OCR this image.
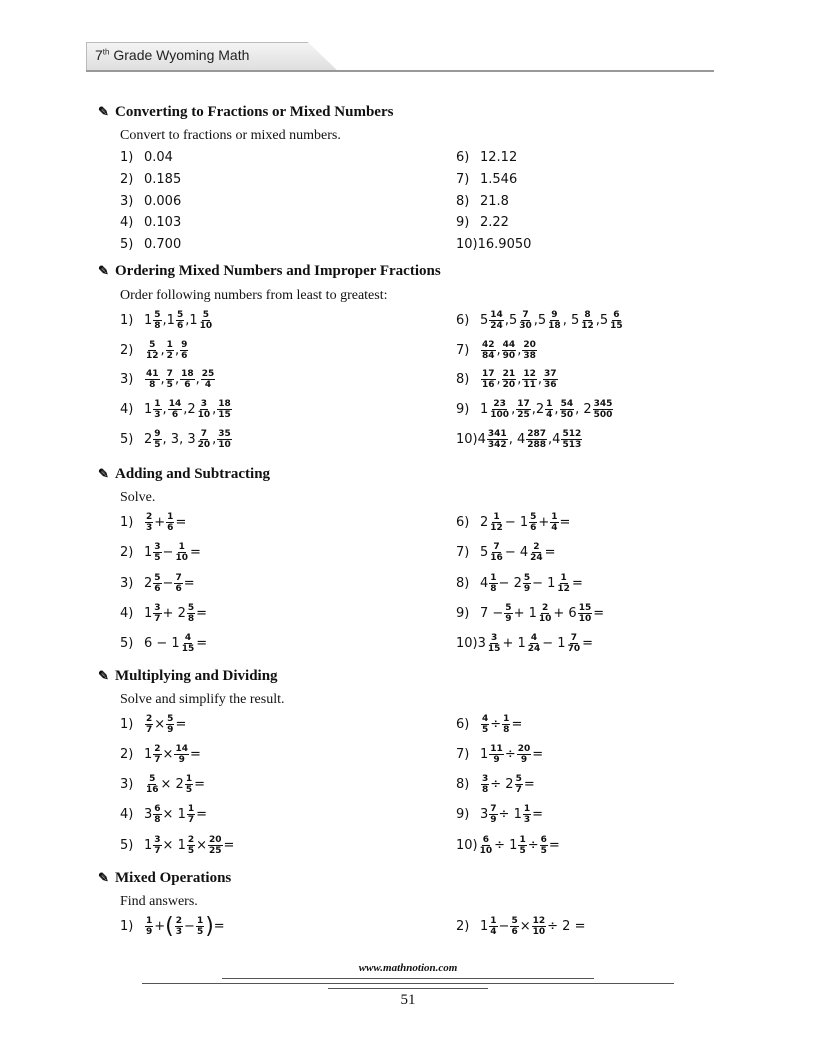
7th Grade Wyoming Math
✎ Converting to Fractions or Mixed Numbers
Convert to fractions or mixed numbers.
1) 0.04
2) 0.185
3) 0.006
4) 0.103
5) 0.700
6) 12.12
7) 1.546
8) 21.8
9) 2.22
10) 16.9050
✎ Ordering Mixed Numbers and Improper Fractions
Order following numbers from least to greatest:
1) $1 \frac{5}{8} ,1 \frac{5}{6} ,1 \frac{5}{10}$
2)	$\frac{5}{12}$ , $\frac{1}{2}$ , $\frac{9}{6}$
3)	$\frac{41}{8}$ , $\frac{7}{5}$ , $\frac{18}{6}$ , $\frac{25}{4}$
4) $1 \frac{1}{3}$ , $\frac{14}{6} ,2 \frac{3}{10}$ , $\frac{18}{15}$
5) $2 \frac{9}{5}$ , 3, $3 \frac{7}{20}$ , $\frac{35}{10}$
6) $5 \frac{14}{24} ,5 \frac{7}{30} ,5 \frac{9}{18}$ , $5 \frac{8}{12} ,5 \frac{6}{15}$
7)	$\frac{42}{84}$ , $\frac{44}{90}$ , $\frac{20}{38}$
8)	$\frac{17}{16}$ , $\frac{21}{20}$ , $\frac{12}{11}$ , $\frac{37}{36}$
9) $1 \frac{23}{100}$ , $\frac{17}{25} ,2 \frac{1}{4}$ , $\frac{54}{50}$ , $2 \frac{345}{500}$
10) $4 \frac{341}{342}$ , $4 \frac{287}{288} ,4 \frac{512}{513}$
✎ Adding and Subtracting
Solve.
1)	$\frac{2}{3} + \frac{1}{6}$ =
2) $1 \frac{3}{5} - \frac{1}{10}$ =
3) $2 \frac{5}{6} - \frac{7}{6}$ =
4) $1 \frac{3}{7} + 2 \frac{5}{8}$ =
5) $6 - 1 \frac{4}{15}$ =
6) $2 \frac{1}{12} - 1 \frac{5}{6} + \frac{1}{4}$ =
7) $5 \frac{7}{16} - 4 \frac{2}{24}$ =
8) $4 \frac{1}{8} - 2 \frac{5}{9} - 1 \frac{1}{12}$ =
9) $7 - \frac{5}{9} + 1 \frac{2}{10} + 6 \frac{15}{10}$ =
10) $3 \frac{3}{15} + 1 \frac{4}{24} - 1 \frac{7}{70}$ =
✎ Multiplying and Dividing
Solve and simplify the result.
1)	$\frac{2}{7} \times \frac{5}{9}$ =
2) $1 \frac{2}{7} \times \frac{14}{9}$ =
3)	$\frac{5}{16} \times 2 \frac{1}{5}$ =
4) $3 \frac{6}{8} \times 1 \frac{1}{7}$ =
5) $1 \frac{3}{7} \times 1 \frac{2}{5} \times \frac{20}{25}$ =
6)	$\frac{4}{5} \div \frac{1}{8}$ =
7) $1 \frac{11}{9} \div \frac{20}{9}$ =
8)	$\frac{3}{8} \div 2 \frac{5}{7}$ =
9) $3 \frac{7}{9} \div 1 \frac{1}{3}$ =
$10) \frac{6}{10} \div 1 \frac{1}{5} \div \frac{6}{5}$ =
✎ Mixed Operations
Find answers.
1)	$\frac{1}{9}$ + ( $\frac{2}{3} - \frac{1}{5}$ ) =	2) $1 \frac{1}{4} - \frac{5}{6} \times \frac{12}{10} \div 2$ =
www.mathnotion.com
51
